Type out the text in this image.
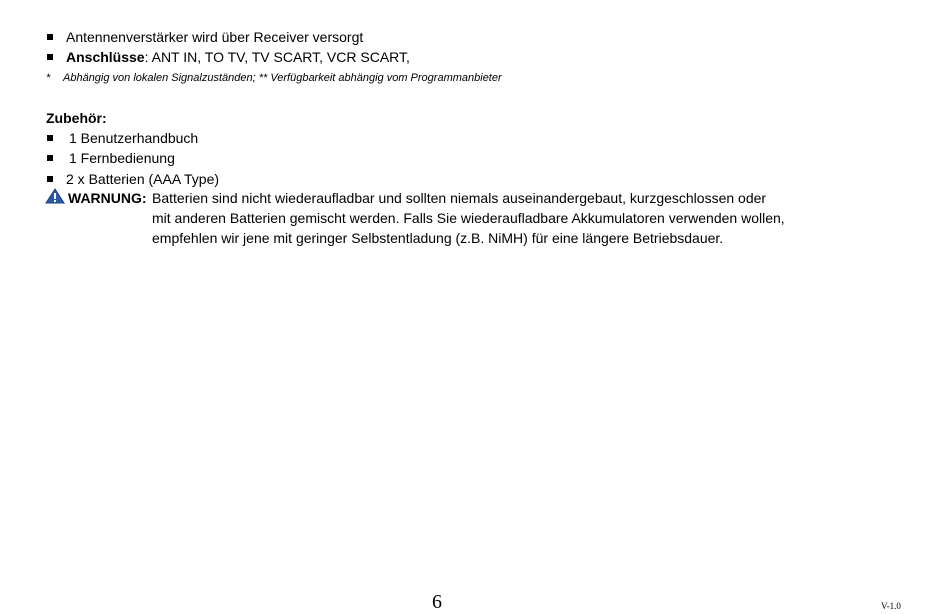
Antennenverstärker wird über Receiver versorgt
Anschlüsse: ANT IN, TO TV, TV SCART, VCR SCART,
* Abhängig von lokalen Signalzuständen; ** Verfügbarkeit abhängig vom Programmanbieter
Zubehör:
1 Benutzerhandbuch
1 Fernbedienung
2 x Batterien (AAA Type)
WARNUNG: Batterien sind nicht wiederaufladbar und sollten niemals auseinandergebaut, kurzgeschlossen oder
mit anderen Batterien gemischt werden. Falls Sie wiederaufladbare Akkumulatoren verwenden wollen,
empfehlen wir jene mit geringer Selbstentladung (z.B. NiMH) für eine längere Betriebsdauer.
6	V-1.0
